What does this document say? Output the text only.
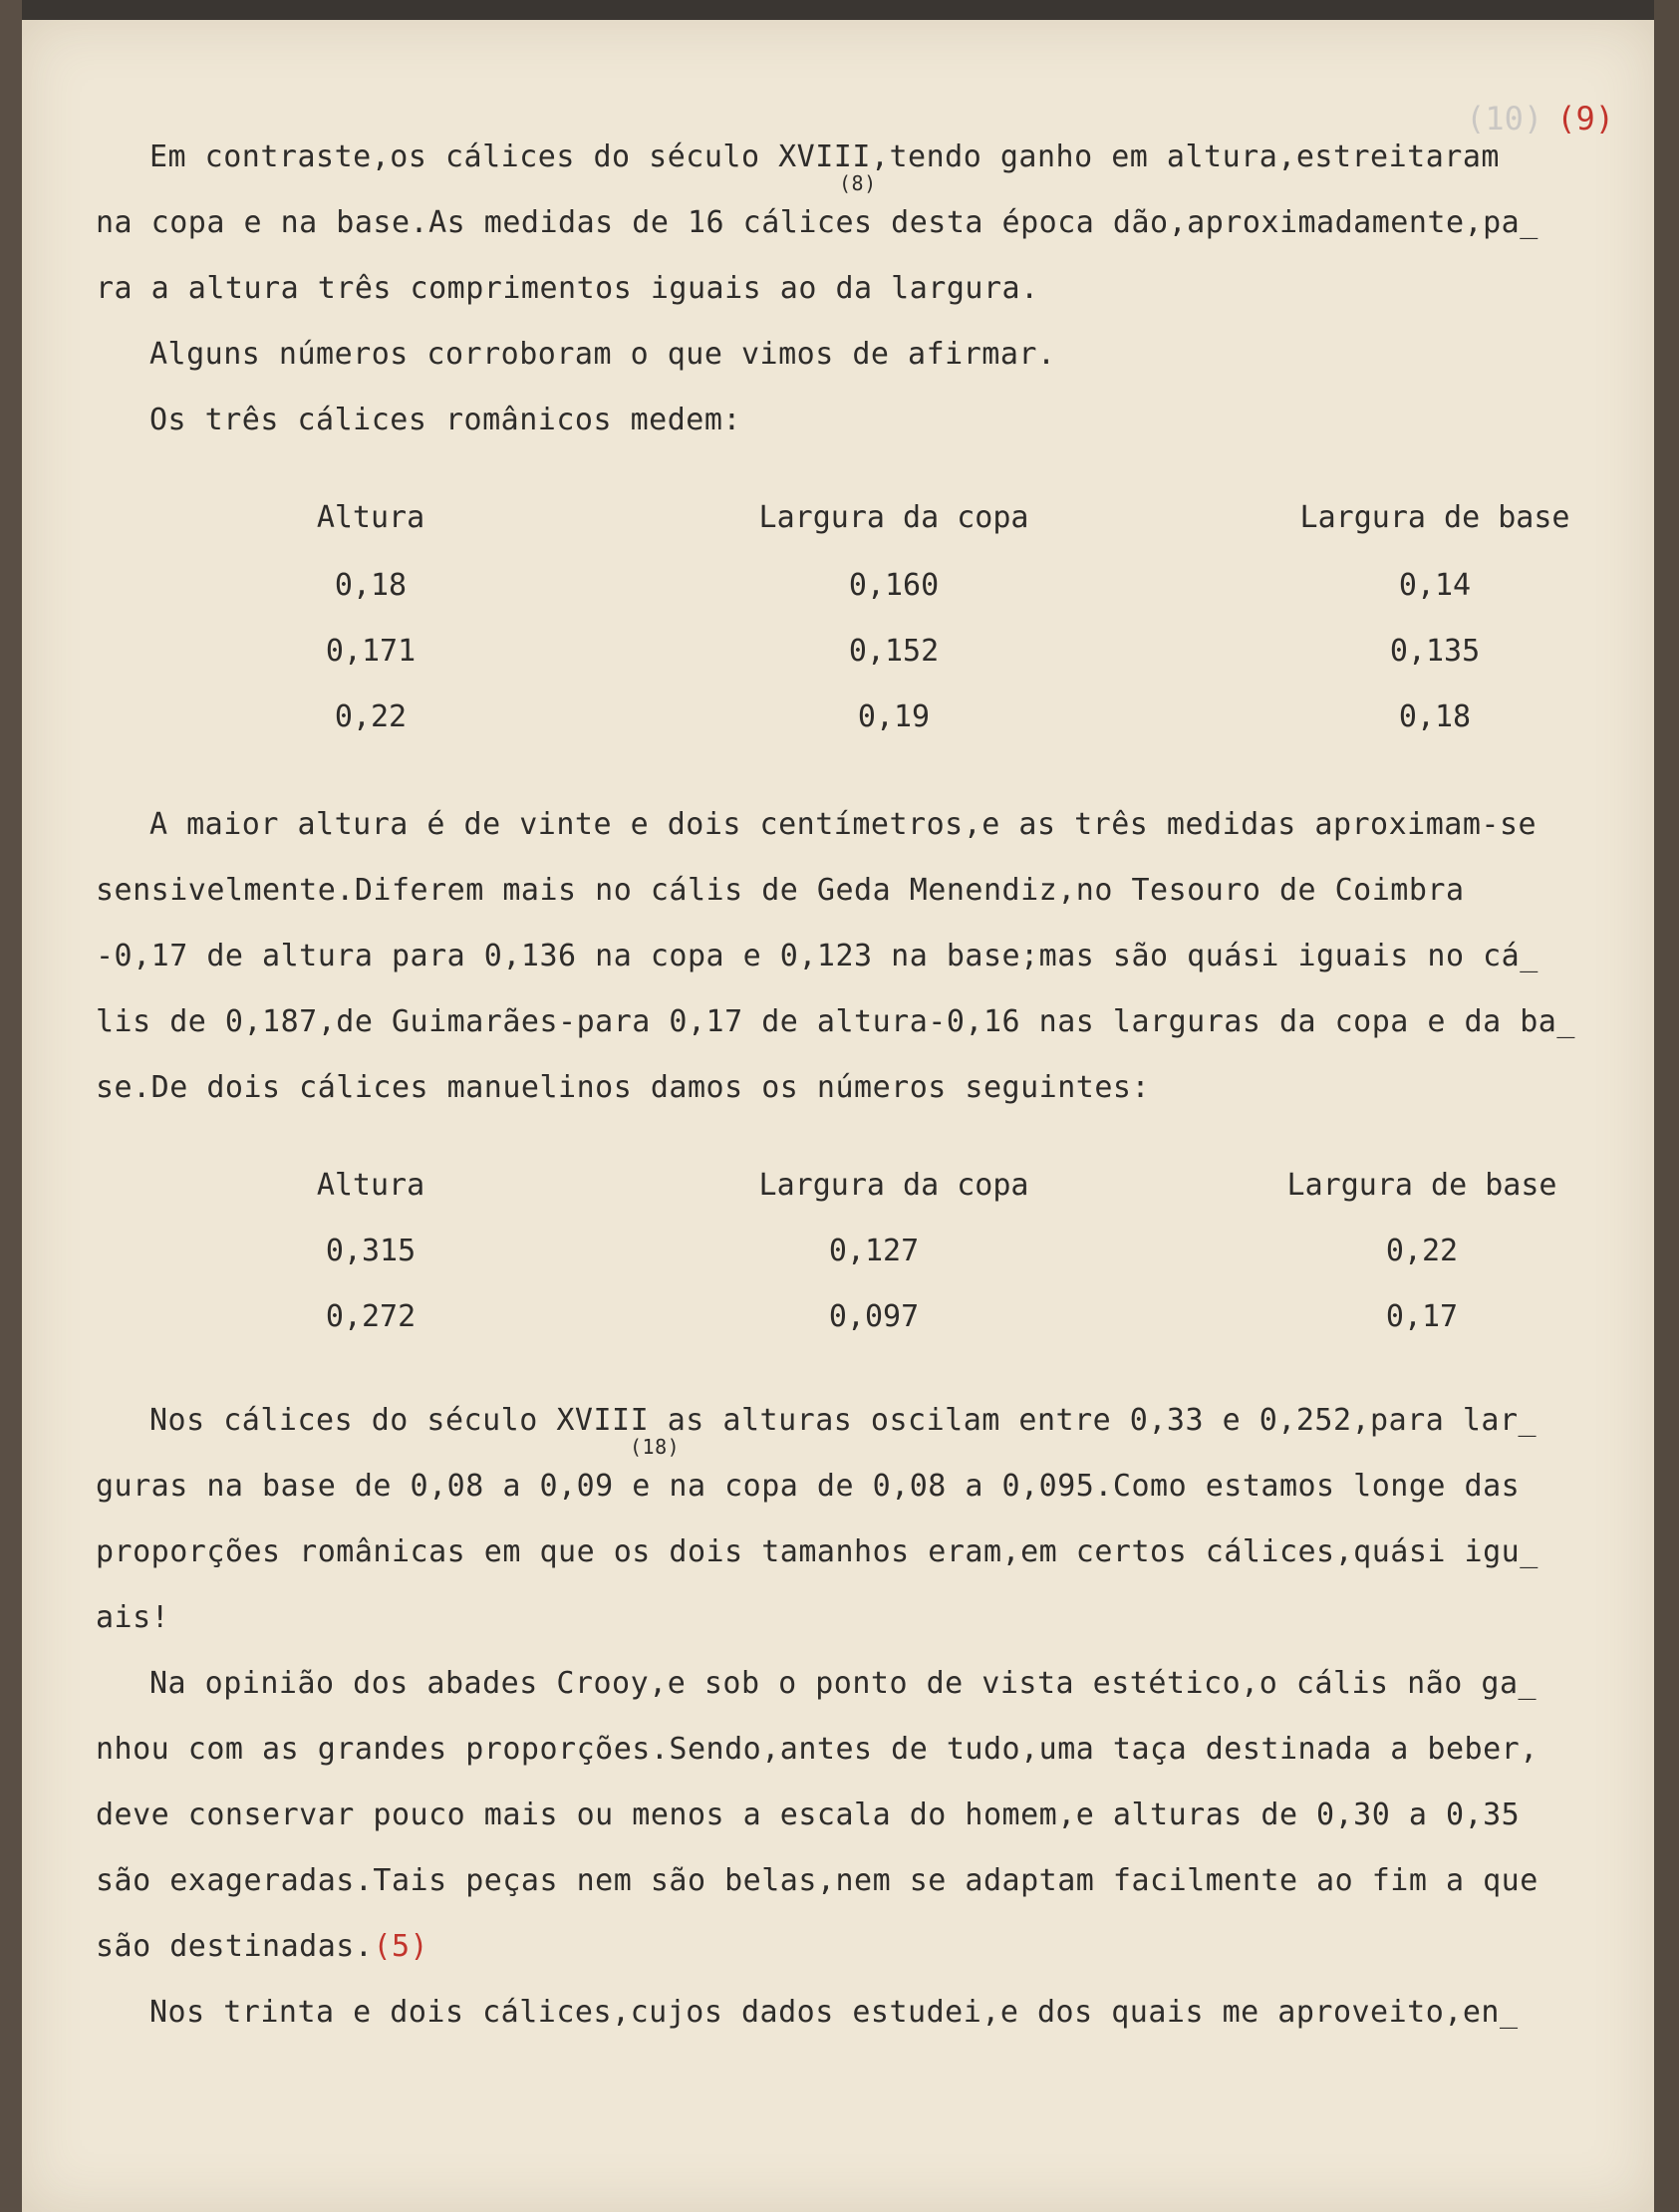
(10) (9)

Em contraste,os cálices do século XVIII,tendo ganho em altura,estreitaram
(8)
na copa e na base.As medidas de 16 cálices desta época dão,aproximadamente,pa_
ra a altura três comprimentos iguais ao da largura.
Alguns números corroboram o que vimos de afirmar.
Os três cálices românicos medem:
Altura	Largura da copa	Largura de base
0,18	0,160	0,14
0,171	0,152	0,135
0,22	0,19	0,18
A maior altura é de vinte e dois centímetros,e as três medidas aproximam-se
sensivelmente.Diferem mais no cális de Geda Menendiz,no Tesouro de Coimbra
-0,17 de altura para 0,136 na copa e 0,123 na base;mas são quási iguais no cá_
lis de 0,187,de Guimarães-para 0,17 de altura-0,16 nas larguras da copa e da ba_
se.De dois cálices manuelinos damos os números seguintes:
Altura	Largura da copa	Largura de base
0,315	0,127	0,22
0,272	0,097	0,17
Nos cálices do século XVIII as alturas oscilam entre 0,33 e 0,252,para lar_
(18)
guras na base de 0,08 a 0,09 e na copa de 0,08 a 0,095.Como estamos longe das
proporções românicas em que os dois tamanhos eram,em certos cálices,quási igu_
ais!
Na opinião dos abades Crooy,e sob o ponto de vista estético,o cális não ga_
nhou com as grandes proporções.Sendo,antes de tudo,uma taça destinada a beber,
deve conservar pouco mais ou menos a escala do homem,e alturas de 0,30 a 0,35
são exageradas.Tais peças nem são belas,nem se adaptam facilmente ao fim a que
são destinadas.(5)
Nos trinta e dois cálices,cujos dados estudei,e dos quais me aproveito,en_
